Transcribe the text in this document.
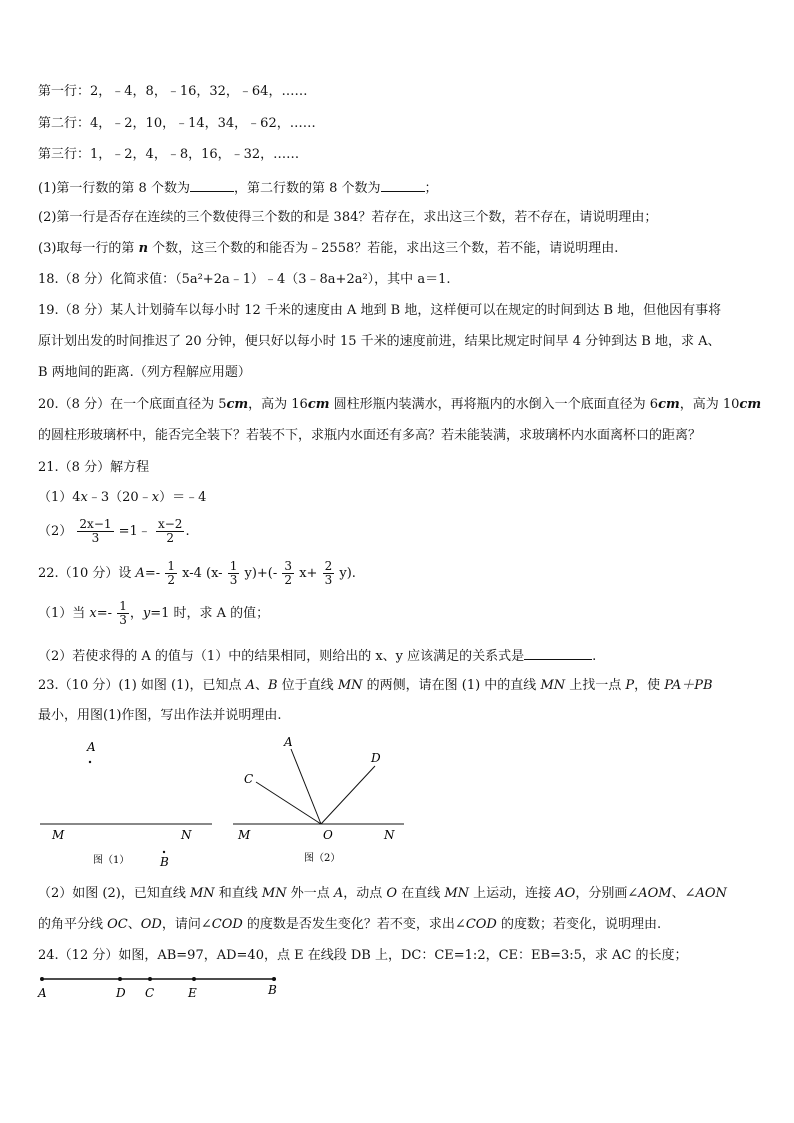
第一行：2，﹣4，8，﹣16，32，﹣64，……
第二行：4，﹣2，10，﹣14，34，﹣62，……
第三行：1，﹣2，4，﹣8，16，﹣32，……
(1)第一行数的第 8 个数为	，第二行数的第 8 个数为	；
(2)第一行是否存在连续的三个数使得三个数的和是 384？若存在，求出这三个数，若不存在，请说明理由；
(3)取每一行的第 n 个数，这三个数的和能否为﹣2558？若能，求出这三个数，若不能，请说明理由.
18.（8 分）化简求值：（5a²+2a﹣1）﹣4（3﹣8a+2a²），其中 a＝1.
19.（8 分）某人计划骑车以每小时 12 千米的速度由 A 地到 B 地，这样便可以在规定的时间到达 B 地，但他因有事将
原计划出发的时间推迟了 20 分钟，便只好以每小时 15 千米的速度前进，结果比规定时间早 4 分钟到达 B 地，求 A、
B 两地间的距离.（列方程解应用题）
20.（8 分）在一个底面直径为 5cm，高为 16cm 圆柱形瓶内装满水，再将瓶内的水倒入一个底面直径为 6cm，高为 10cm
的圆柱形玻璃杯中，能否完全装下？若装不下，求瓶内水面还有多高？若未能装满，求玻璃杯内水面离杯口的距离？
21.（8 分）解方程
（1）4x﹣3（20﹣x）＝﹣4
$(2) \frac{2x-1}{3}$ =1﹣ $\frac{x-2}{2}$ .
22.（10 分）设 $A=- \frac{1}{2} x-4$ $(x- \frac{1}{3} y)+(- \frac{3}{2} x+ \frac{2}{3} y)$.
（1）当 $x=- \frac{1}{3}$ ，y=1 时，求 A 的值；
（2）若使求得的 A 的值与（1）中的结果相同，则给出的 x、y 应该满足的关系式是	.
23.（10 分）(1) 如图 (1)，已知点 A、B 位于直线 MN 的两侧，请在图 (1) 中的直线 MN 上找一点 P，使 PA＋PB
最小，用图(1)作图，写出作法并说明理由.
A
M	N
图（1）	B
A
C
D
M	O	N
图（2）
（2）如图 (2)，已知直线 MN 和直线 MN 外一点 A，动点 O 在直线 MN 上运动，连接 AO，分别画∠AOM、∠AON
的角平分线 OC、OD，请问∠COD 的度数是否发生变化？若不变，求出∠COD 的度数；若变化，说明理由.
24.（12 分）如图，AB=97，AD=40，点 E 在线段 DB 上，DC：CE=1:2，CE：EB=3:5，求 AC 的长度；
A	D C	E	B
